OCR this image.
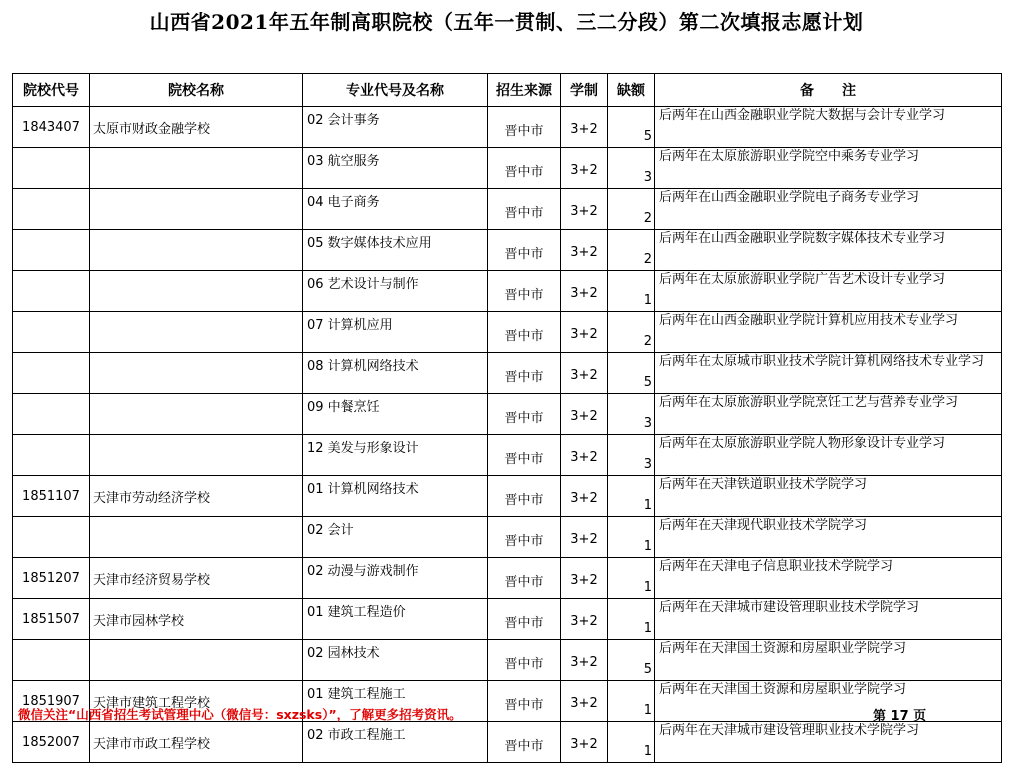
山西省2021年五年制高职院校（五年一贯制、三二分段）第二次填报志愿计划
院校代号	院校名称	专业代号及名称	招生来源	学制	缺额	备　　注
1843407	太原市财政金融学校	02 会计事务	晋中市	3+2	5	后两年在山西金融职业学院大数据与会计专业学习
		03 航空服务	晋中市	3+2	3	后两年在太原旅游职业学院空中乘务专业学习
		04 电子商务	晋中市	3+2	2	后两年在山西金融职业学院电子商务专业学习
		05 数字媒体技术应用	晋中市	3+2	2	后两年在山西金融职业学院数字媒体技术专业学习
		06 艺术设计与制作	晋中市	3+2	1	后两年在太原旅游职业学院广告艺术设计专业学习
		07 计算机应用	晋中市	3+2	2	后两年在山西金融职业学院计算机应用技术专业学习
		08 计算机网络技术	晋中市	3+2	5	后两年在太原城市职业技术学院计算机网络技术专业学习
		09 中餐烹饪	晋中市	3+2	3	后两年在太原旅游职业学院烹饪工艺与营养专业学习
		12 美发与形象设计	晋中市	3+2	3	后两年在太原旅游职业学院人物形象设计专业学习
1851107	天津市劳动经济学校	01 计算机网络技术	晋中市	3+2	1	后两年在天津铁道职业技术学院学习
		02 会计	晋中市	3+2	1	后两年在天津现代职业技术学院学习
1851207	天津市经济贸易学校	02 动漫与游戏制作	晋中市	3+2	1	后两年在天津电子信息职业技术学院学习
1851507	天津市园林学校	01 建筑工程造价	晋中市	3+2	1	后两年在天津城市建设管理职业技术学院学习
		02 园林技术	晋中市	3+2	5	后两年在天津国土资源和房屋职业学院学习
1851907	天津市建筑工程学校	01 建筑工程施工	晋中市	3+2	1	后两年在天津国土资源和房屋职业学院学习
1852007	天津市市政工程学校	02 市政工程施工	晋中市	3+2	1	后两年在天津城市建设管理职业技术学院学习
微信关注“山西省招生考试管理中心（微信号：sxzsks）”，了解更多招考资讯。	第 17 页
